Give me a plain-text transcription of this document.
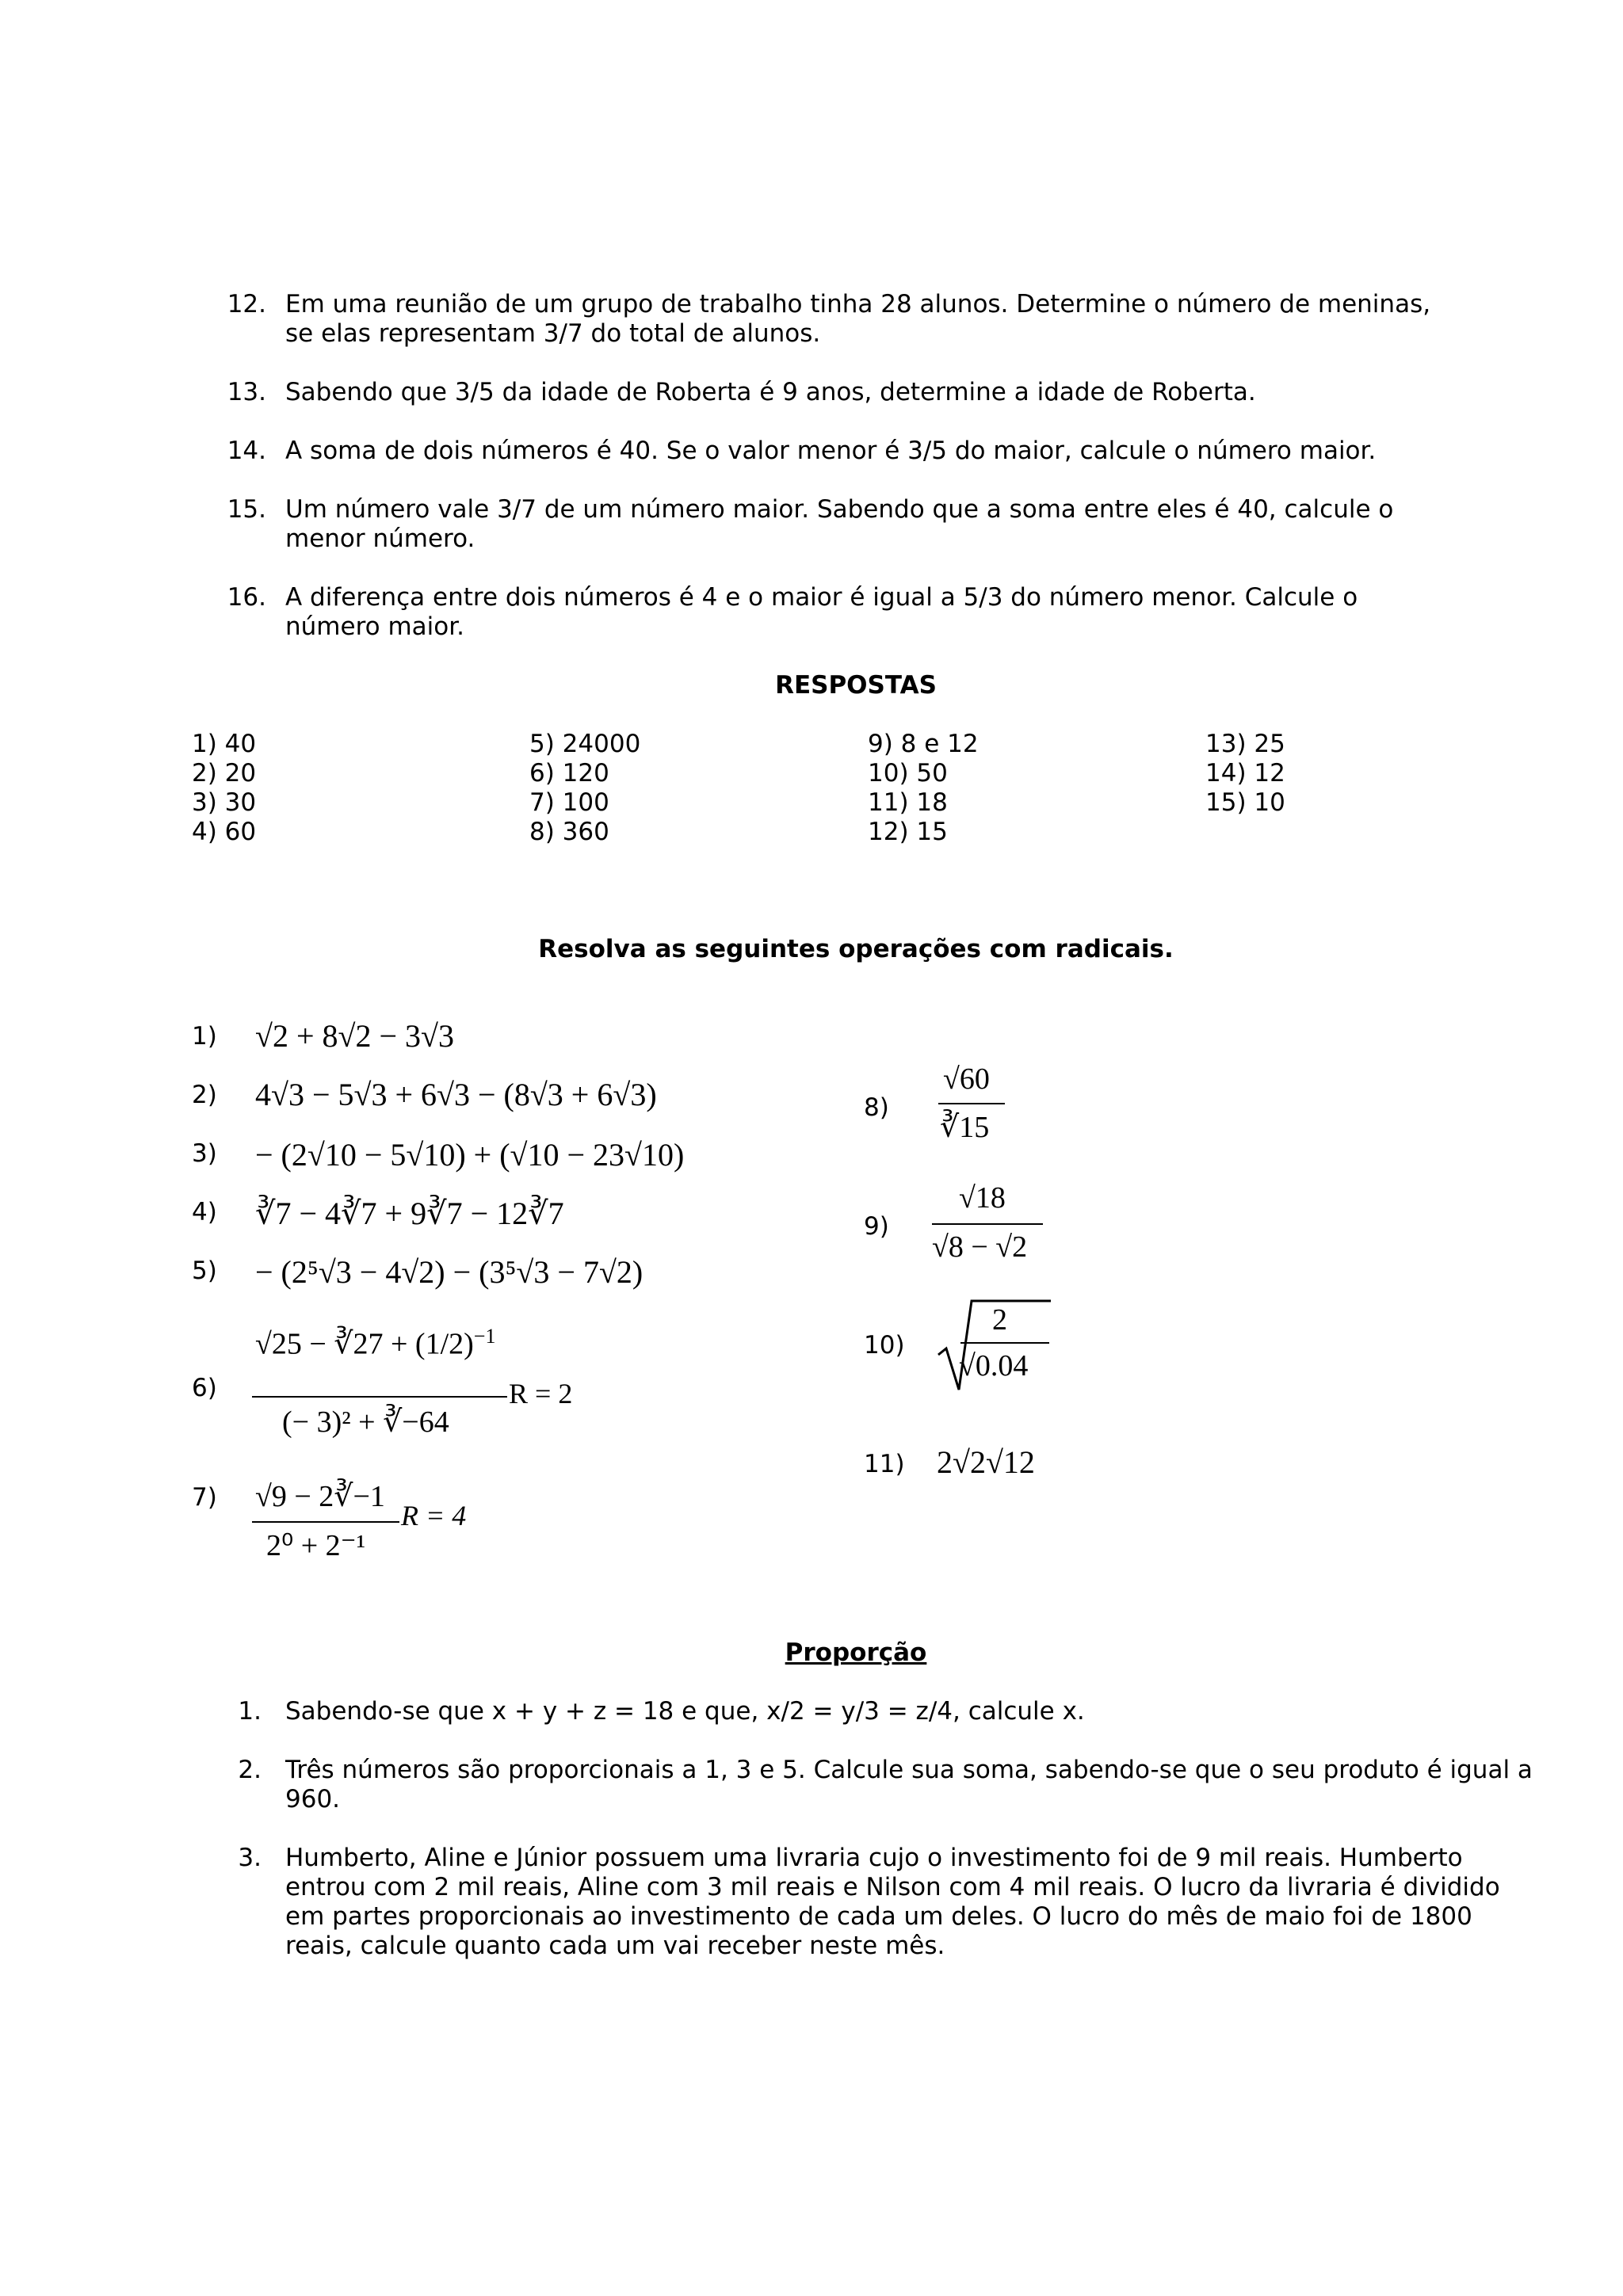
12. Em uma reunião de um grupo de trabalho tinha 28 alunos. Determine o número de meninas,
se elas representam 3/7 do total de alunos.
13. Sabendo que 3/5 da idade de Roberta é 9 anos, determine a idade de Roberta.
14. A soma de dois números é 40. Se o valor menor é 3/5 do maior, calcule o número maior.
15. Um número vale 3/7 de um número maior. Sabendo que a soma entre eles é 40, calcule o
menor número.
16. A diferença entre dois números é 4 e o maior é igual a 5/3 do número menor. Calcule o
número maior.
RESPOSTAS
1) 40
2) 20
3) 30
4) 60
5) 24000
6) 120
7) 100
8) 360
9) 8 e 12
10) 50
11) 18
12) 15
13) 25
14) 12
15) 10
Resolva as seguintes operações com radicais.
1)
2)
3)
4)
5)
6)
7)
8)
9)
10)
11)
√2 + 8√2 − 3√3
4√3 − 5√3 + 6√3 − (8√3 + 6√3)
− (2√10 − 5√10) + (√10 − 23√10)
∛7 − 4∛7 + 9∛7 − 12∛7
− (2⁵√3 − 4√2) − (3⁵√3 − 7√2)
√25 − ∛27 + $(1/2)^{-1}$
(− 3)² + ∛−64
R = 2
√9 − 2∛−1
2⁰ + 2⁻¹
R = 4
√60
∛15
√18
√8 − √2
2
√0.04
2√2√12
Proporção
1. Sabendo-se que x + y + z = 18 e que, x/2 = y/3 = z/4, calcule x.
2. Três números são proporcionais a 1, 3 e 5. Calcule sua soma, sabendo-se que o seu produto é igual a
960.
3. Humberto, Aline e Júnior possuem uma livraria cujo o investimento foi de 9 mil reais. Humberto
entrou com 2 mil reais, Aline com 3 mil reais e Nilson com 4 mil reais. O lucro da livraria é dividido
em partes proporcionais ao investimento de cada um deles. O lucro do mês de maio foi de 1800
reais, calcule quanto cada um vai receber neste mês.
